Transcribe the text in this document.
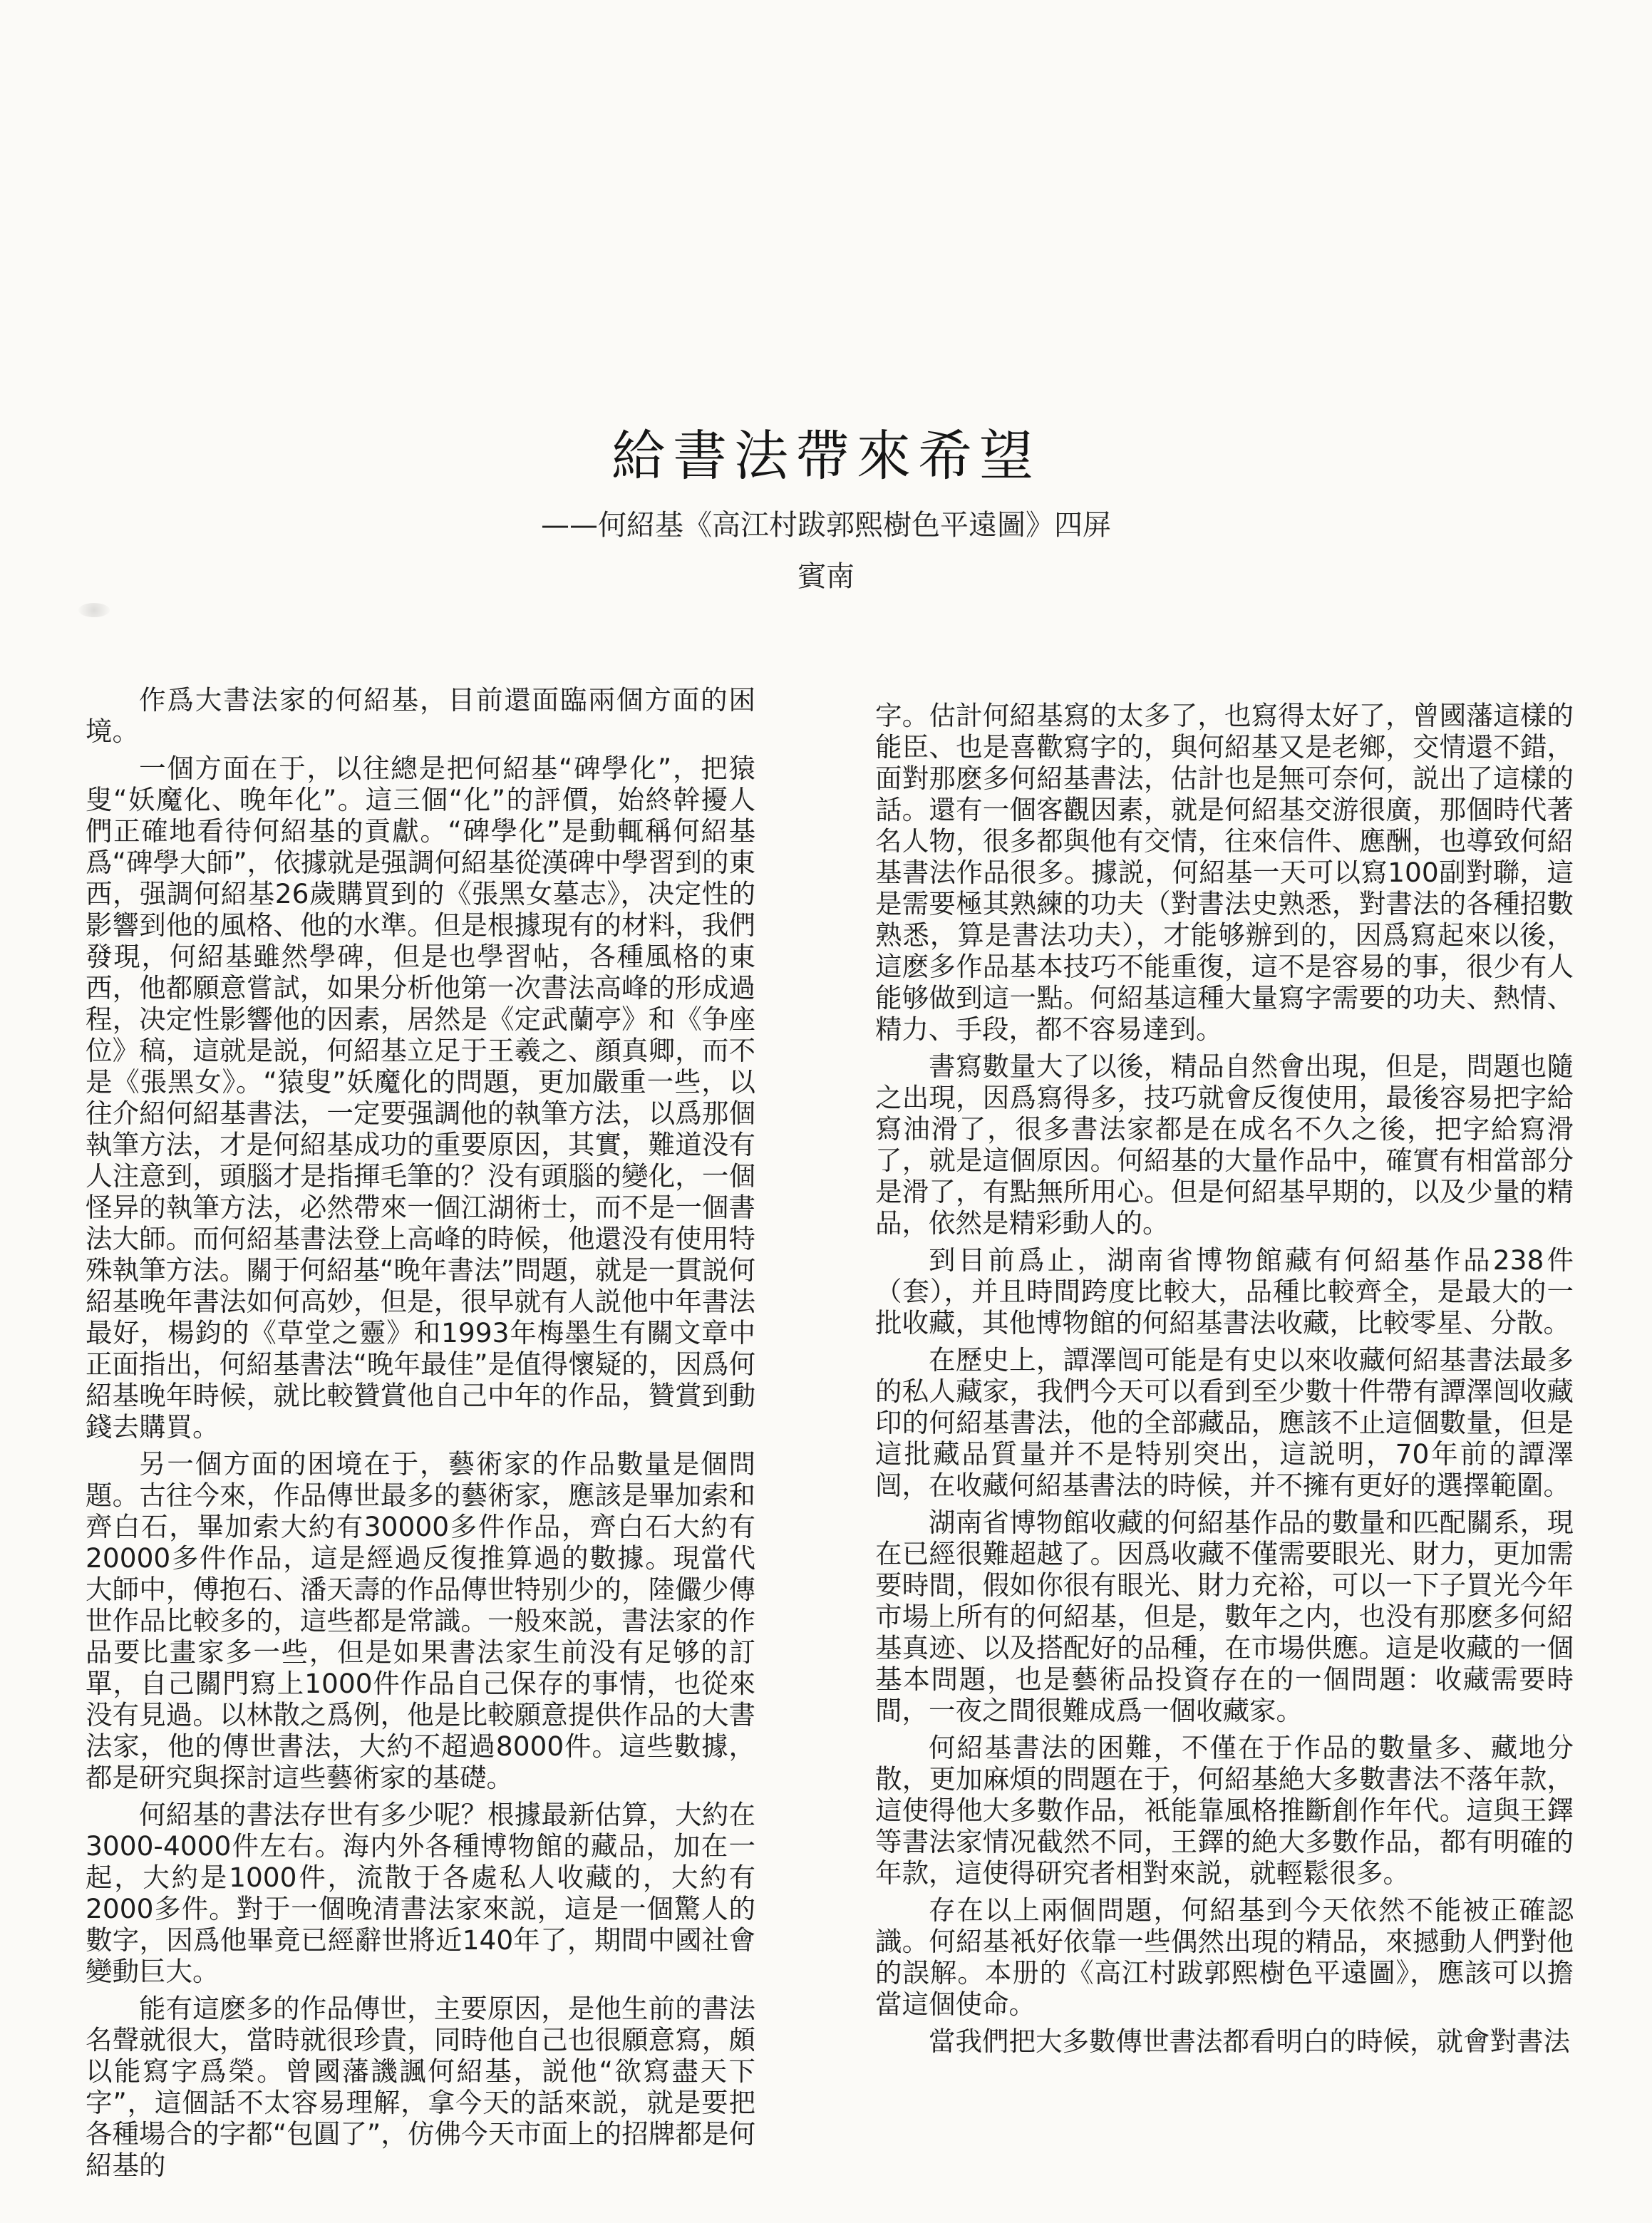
給書法帶來希望
——何紹基《高江村跋郭熙樹色平遠圖》四屏
賓南

作爲大書法家的何紹基，目前還面臨兩個方面的困境。

一個方面在于，以往總是把何紹基“碑學化”，把猿叟“妖魔化、晚年化”。這三個“化”的評價，始終幹擾人們正確地看待何紹基的貢獻。“碑學化”是動輒稱何紹基爲“碑學大師”，依據就是强調何紹基從漢碑中學習到的東西，强調何紹基26歲購買到的《張黑女墓志》，决定性的影響到他的風格、他的水準。但是根據現有的材料，我們發現，何紹基雖然學碑，但是也學習帖，各種風格的東西，他都願意嘗試，如果分析他第一次書法高峰的形成過程，决定性影響他的因素，居然是《定武蘭亭》和《争座位》稿，這就是説，何紹基立足于王羲之、顔真卿，而不是《張黑女》。“猿叟”妖魔化的問題，更加嚴重一些，以往介紹何紹基書法，一定要强調他的執筆方法，以爲那個執筆方法，才是何紹基成功的重要原因，其實，難道没有人注意到，頭腦才是指揮毛筆的？没有頭腦的變化，一個怪异的執筆方法，必然帶來一個江湖術士，而不是一個書法大師。而何紹基書法登上高峰的時候，他還没有使用特殊執筆方法。關于何紹基“晚年書法”問題，就是一貫説何紹基晚年書法如何高妙，但是，很早就有人説他中年書法最好，楊鈞的《草堂之靈》和1993年梅墨生有關文章中正面指出，何紹基書法“晚年最佳”是值得懷疑的，因爲何紹基晚年時候，就比較贊賞他自己中年的作品，贊賞到動錢去購買。

另一個方面的困境在于，藝術家的作品數量是個問題。古往今來，作品傳世最多的藝術家，應該是畢加索和齊白石，畢加索大約有30000多件作品，齊白石大約有20000多件作品，這是經過反復推算過的數據。現當代大師中，傅抱石、潘天壽的作品傳世特别少的，陸儼少傳世作品比較多的，這些都是常識。一般來説，書法家的作品要比畫家多一些，但是如果書法家生前没有足够的訂單，自己關門寫上1000件作品自己保存的事情，也從來没有見過。以林散之爲例，他是比較願意提供作品的大書法家，他的傳世書法，大約不超過8000件。這些數據，都是研究與探討這些藝術家的基礎。

何紹基的書法存世有多少呢？根據最新估算，大約在3000-4000件左右。海内外各種博物館的藏品，加在一起，大約是1000件，流散于各處私人收藏的，大約有2000多件。對于一個晚清書法家來説，這是一個驚人的數字，因爲他畢竟已經辭世將近140年了，期間中國社會變動巨大。

能有這麽多的作品傳世，主要原因，是他生前的書法名聲就很大，當時就很珍貴，同時他自己也很願意寫，頗以能寫字爲榮。曾國藩譏諷何紹基，説他“欲寫盡天下字”，這個話不太容易理解，拿今天的話來説，就是要把各種場合的字都“包圓了”，仿佛今天市面上的招牌都是何紹基的

字。估計何紹基寫的太多了，也寫得太好了，曾國藩這樣的能臣、也是喜歡寫字的，與何紹基又是老鄉，交情還不錯，面對那麽多何紹基書法，估計也是無可奈何，説出了這樣的話。還有一個客觀因素，就是何紹基交游很廣，那個時代著名人物，很多都與他有交情，往來信件、應酬，也導致何紹基書法作品很多。據説，何紹基一天可以寫100副對聯，這是需要極其熟練的功夫（對書法史熟悉，對書法的各種招數熟悉，算是書法功夫），才能够辦到的，因爲寫起來以後，這麽多作品基本技巧不能重復，這不是容易的事，很少有人能够做到這一點。何紹基這種大量寫字需要的功夫、熱情、精力、手段，都不容易達到。

書寫數量大了以後，精品自然會出現，但是，問題也隨之出現，因爲寫得多，技巧就會反復使用，最後容易把字給寫油滑了，很多書法家都是在成名不久之後，把字給寫滑了，就是這個原因。何紹基的大量作品中，確實有相當部分是滑了，有點無所用心。但是何紹基早期的，以及少量的精品，依然是精彩動人的。

到目前爲止，湖南省博物館藏有何紹基作品238件（套），并且時間跨度比較大，品種比較齊全，是最大的一批收藏，其他博物館的何紹基書法收藏，比較零星、分散。

在歷史上，譚澤闿可能是有史以來收藏何紹基書法最多的私人藏家，我們今天可以看到至少數十件帶有譚澤闿收藏印的何紹基書法，他的全部藏品，應該不止這個數量，但是這批藏品質量并不是特别突出，這説明，70年前的譚澤闿，在收藏何紹基書法的時候，并不擁有更好的選擇範圍。

湖南省博物館收藏的何紹基作品的數量和匹配關系，現在已經很難超越了。因爲收藏不僅需要眼光、財力，更加需要時間，假如你很有眼光、財力充裕，可以一下子買光今年市場上所有的何紹基，但是，數年之内，也没有那麽多何紹基真迹、以及搭配好的品種，在市場供應。這是收藏的一個基本問題，也是藝術品投資存在的一個問題：收藏需要時間，一夜之間很難成爲一個收藏家。

何紹基書法的困難，不僅在于作品的數量多、藏地分散，更加麻煩的問題在于，何紹基絶大多數書法不落年款，這使得他大多數作品，衹能靠風格推斷創作年代。這與王鐸等書法家情况截然不同，王鐸的絶大多數作品，都有明確的年款，這使得研究者相對來説，就輕鬆很多。

存在以上兩個問題，何紹基到今天依然不能被正確認識。何紹基衹好依靠一些偶然出現的精品，來撼動人們對他的誤解。本册的《高江村跋郭熙樹色平遠圖》，應該可以擔當這個使命。

當我們把大多數傳世書法都看明白的時候，就會對書法
